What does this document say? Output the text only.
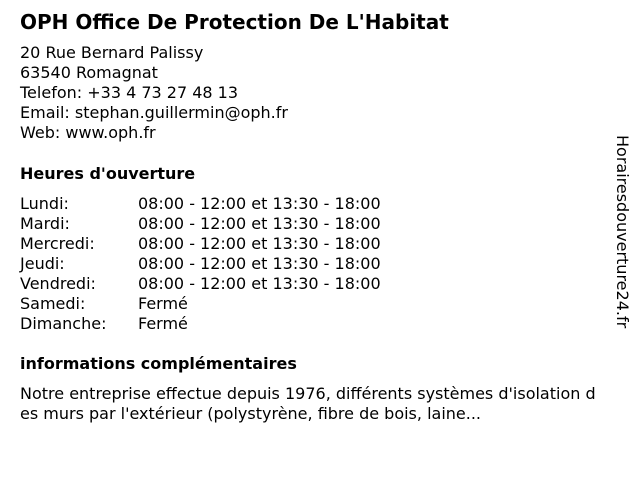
OPH Office De Protection De L'Habitat
20 Rue Bernard Palissy
63540 Romagnat
Telefon: +33 4 73 27 48 13
Email: stephan.guillermin@oph.fr
Web: www.oph.fr
Heures d'ouverture
Lundi:	08:00 - 12:00 et 13:30 - 18:00
Mardi:	08:00 - 12:00 et 13:30 - 18:00
Mercredi:	08:00 - 12:00 et 13:30 - 18:00
Jeudi:	08:00 - 12:00 et 13:30 - 18:00
Vendredi:	08:00 - 12:00 et 13:30 - 18:00
Samedi:	Fermé
Dimanche: Fermé
informations complémentaires
Notre entreprise effectue depuis 1976, différents systèmes d'isolation des murs par l'extérieur (polystyrène, fibre de bois, laine...
Horairesdouverture24.fr
